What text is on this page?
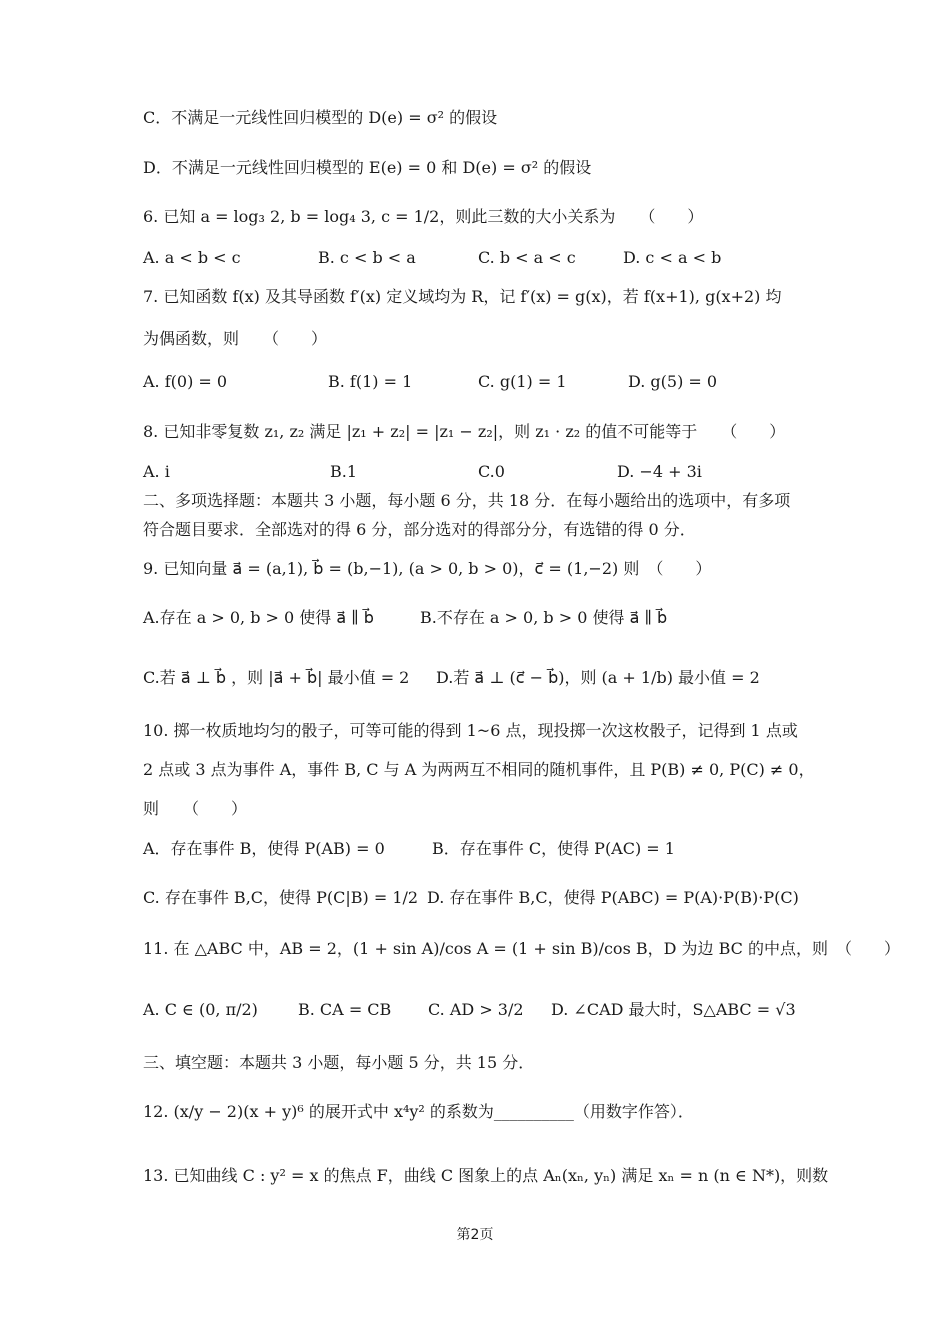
C．不满足一元线性回归模型的 D(e) = σ² 的假设
D．不满足一元线性回归模型的 E(e) = 0 和 D(e) = σ² 的假设
6. 已知 a = log₃ 2, b = log₄ 3, c = 1/2，则此三数的大小关系为　　（　　）
A. a < b < c	B. c < b < a	C. b < a < c	D. c < a < b
7. 已知函数 f(x) 及其导函数 f′(x) 定义域均为 R，记 f′(x) = g(x)，若 f(x+1), g(x+2) 均
为偶函数，则　　（　　）
A. f(0) = 0	B. f(1) = 1	C. g(1) = 1	D. g(5) = 0
8. 已知非零复数 z₁, z₂ 满足 |z₁ + z₂| = |z₁ − z₂|，则 z₁ · z₂ 的值不可能等于　　（　　）
A. i	B.1	C.0	D. −4 + 3i
二、多项选择题：本题共 3 小题，每小题 6 分，共 18 分．在每小题给出的选项中，有多项
符合题目要求．全部选对的得 6 分，部分选对的得部分分，有选错的得 0 分．
9. 已知向量 a⃗ = (a,1), b⃗ = (b,−1), (a > 0, b > 0)，c⃗ = (1,−2) 则　（　　）
A.存在 a > 0, b > 0 使得 a⃗ ∥ b⃗	B.不存在 a > 0, b > 0 使得 a⃗ ∥ b⃗
C.若 a⃗ ⊥ b⃗ ，则 |a⃗ + b⃗| 最小值 = 2 D.若 a⃗ ⊥ (c⃗ − b⃗)，则 (a + 1/b) 最小值 = 2
10. 掷一枚质地均匀的骰子，可等可能的得到 1~6 点，现投掷一次这枚骰子，记得到 1 点或
2 点或 3 点为事件 A，事件 B, C 与 A 为两两互不相同的随机事件，且 P(B) ≠ 0, P(C) ≠ 0，
则　　（　　）
A．存在事件 B，使得 P(AB) = 0	B．存在事件 C，使得 P(AC) = 1
C. 存在事件 B,C，使得 P(C|B) = 1/2 D. 存在事件 B,C，使得 P(ABC) = P(A)·P(B)·P(C)
11. 在 △ABC 中，AB = 2，(1 + sin A)/cos A = (1 + sin B)/cos B，D 为边 BC 的中点，则　（　　）
A. C ∈ (0, π/2)	B. CA = CB C. AD > 3/2 D. ∠CAD 最大时，S△ABC = √3
三、填空题：本题共 3 小题，每小题 5 分，共 15 分．
12. (x/y − 2)(x + y)⁶ 的展开式中 x⁴y² 的系数为__________（用数字作答）．
13. 已知曲线 C : y² = x 的焦点 F，曲线 C 图象上的点 Aₙ(xₙ, yₙ) 满足 xₙ = n (n ∈ N*)，则数
第2页
